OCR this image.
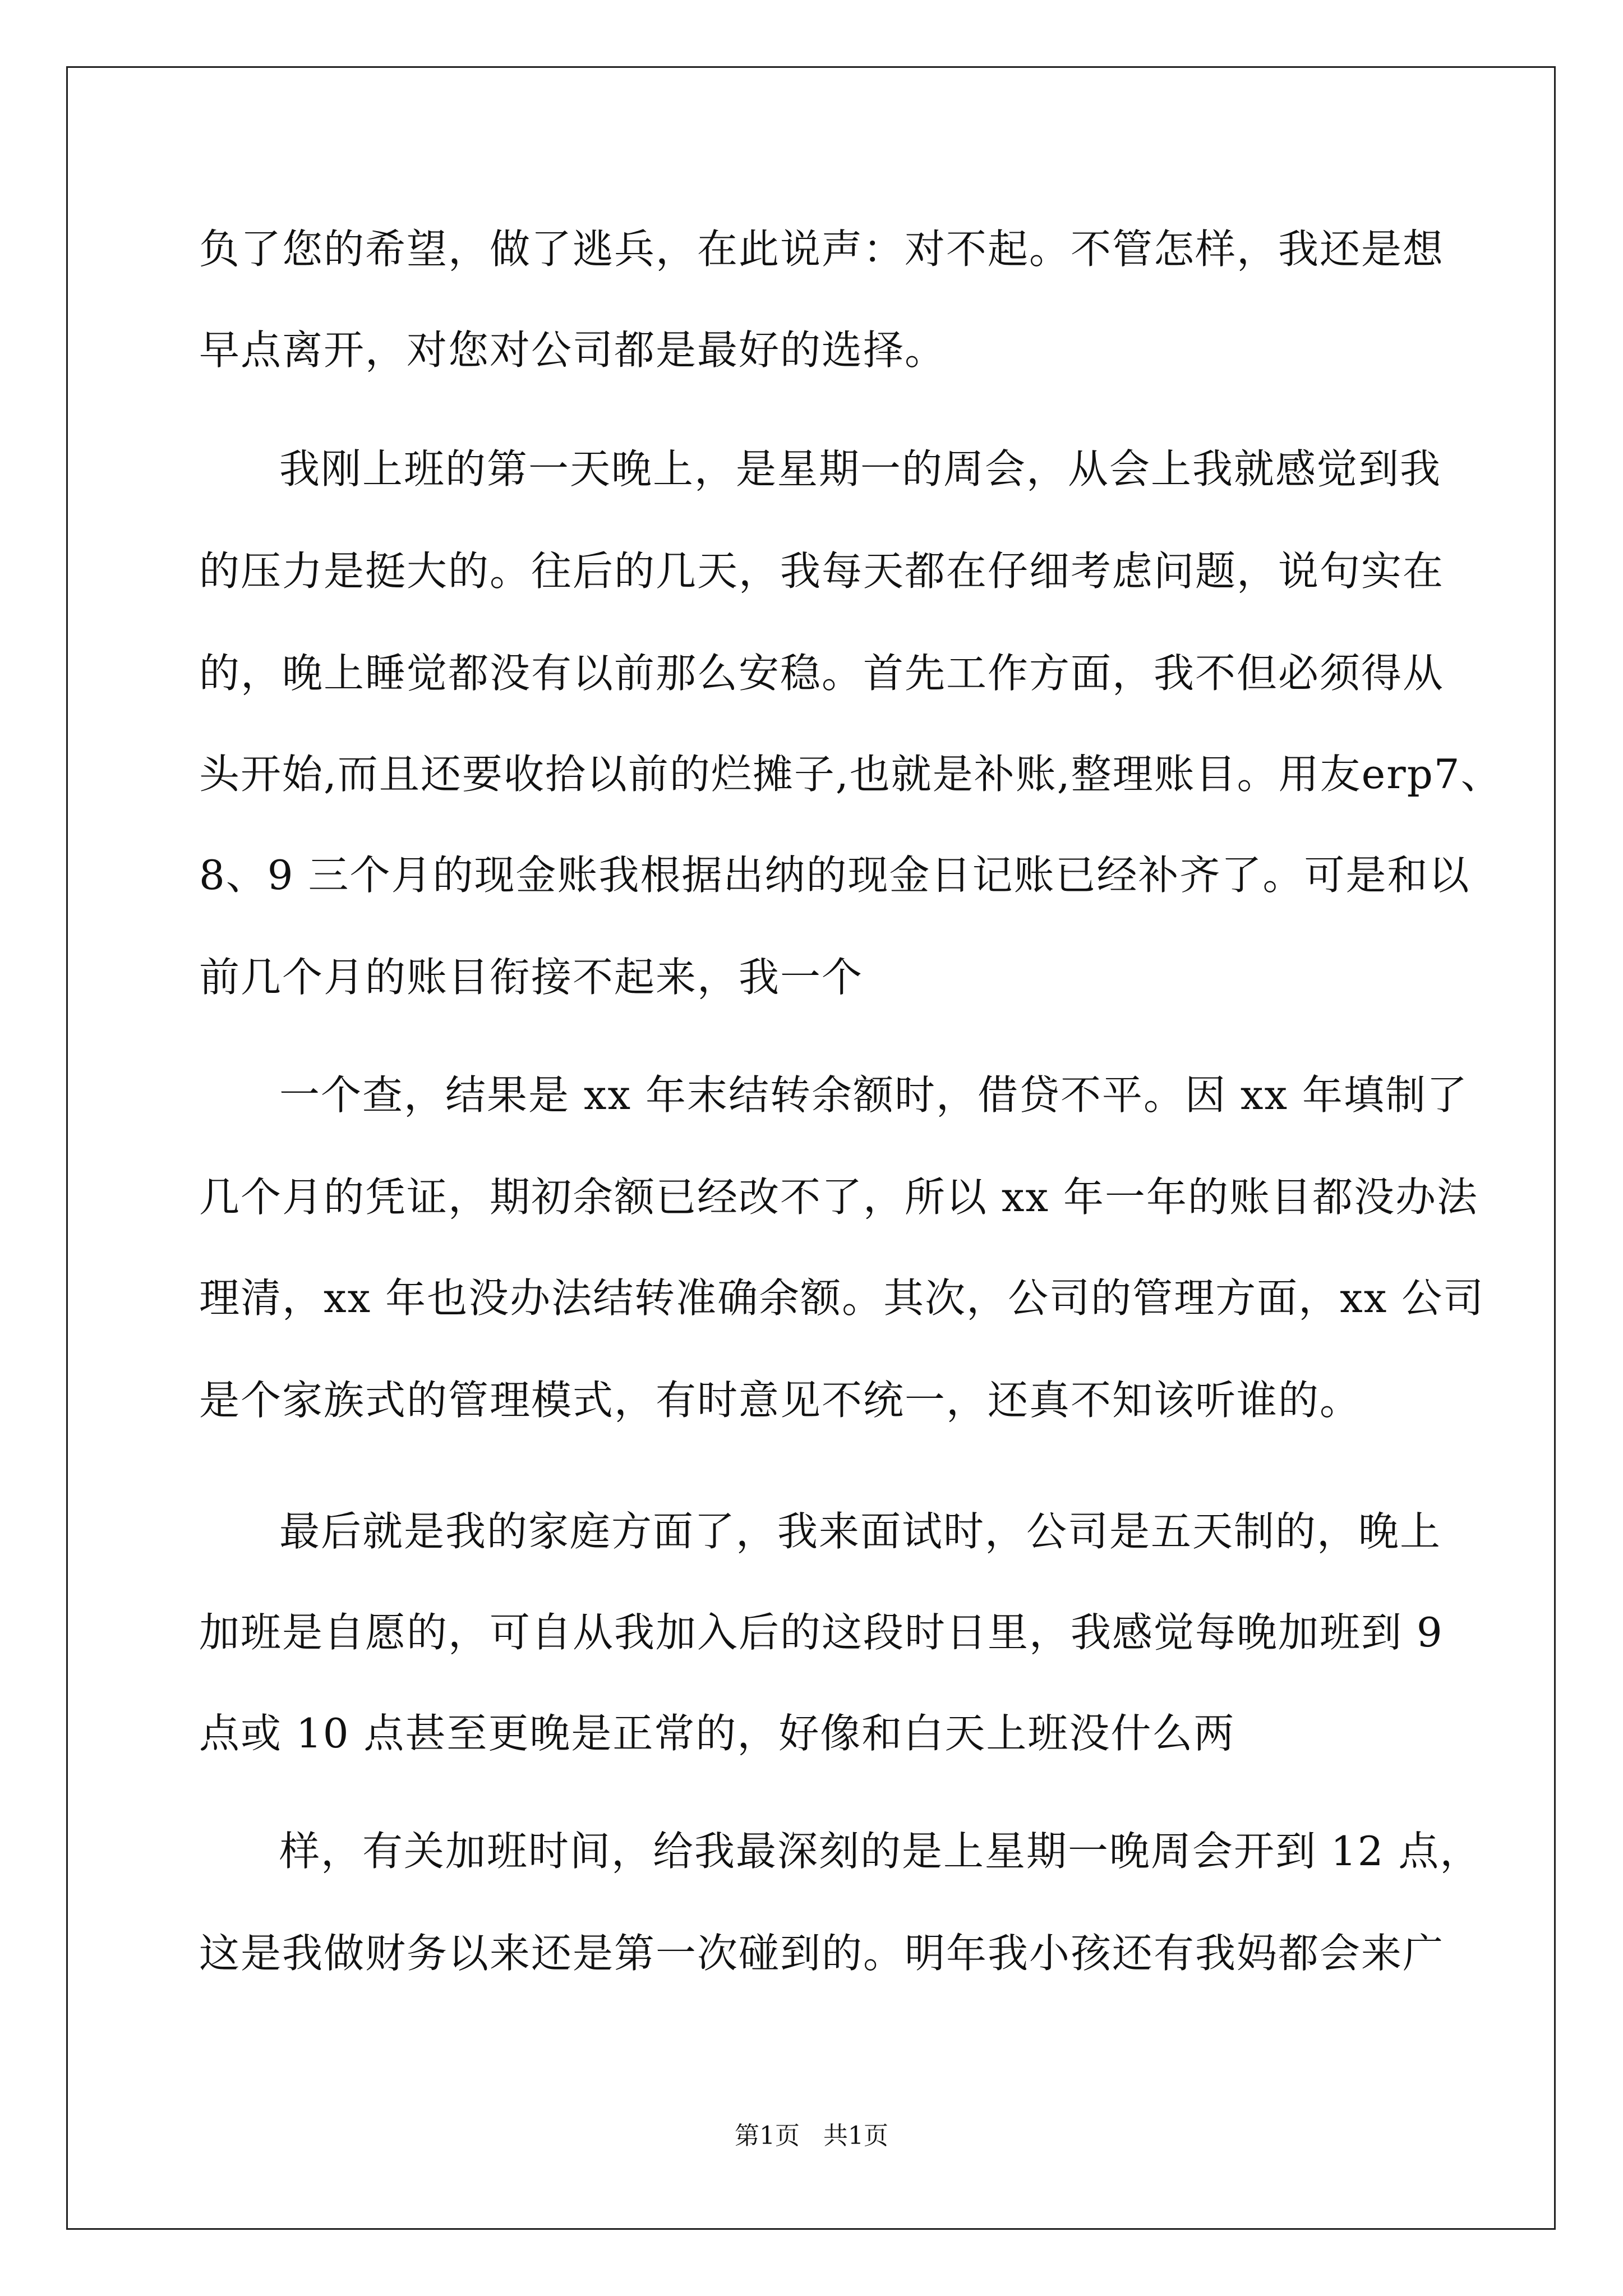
负了您的希望，做了逃兵，在此说声：对不起。不管怎样，我还是想
早点离开，对您对公司都是最好的选择。
我刚上班的第一天晚上，是星期一的周会，从会上我就感觉到我
的压力是挺大的。往后的几天，我每天都在仔细考虑问题，说句实在
的，晚上睡觉都没有以前那么安稳。首先工作方面，我不但必须得从
头开始,而且还要收拾以前的烂摊子,也就是补账,整理账目。用友erp7、
8、9 三个月的现金账我根据出纳的现金日记账已经补齐了。可是和以
前几个月的账目衔接不起来，我一个
一个查，结果是 xx 年末结转余额时，借贷不平。因 xx 年填制了
几个月的凭证，期初余额已经改不了，所以 xx 年一年的账目都没办法
理清，xx 年也没办法结转准确余额。其次，公司的管理方面，xx 公司
是个家族式的管理模式，有时意见不统一，还真不知该听谁的。
最后就是我的家庭方面了，我来面试时，公司是五天制的，晚上
加班是自愿的，可自从我加入后的这段时日里，我感觉每晚加班到 9
点或 10 点甚至更晚是正常的，好像和白天上班没什么两
样，有关加班时间，给我最深刻的是上星期一晚周会开到 12 点，
这是我做财务以来还是第一次碰到的。明年我小孩还有我妈都会来广
第1页   共1页
